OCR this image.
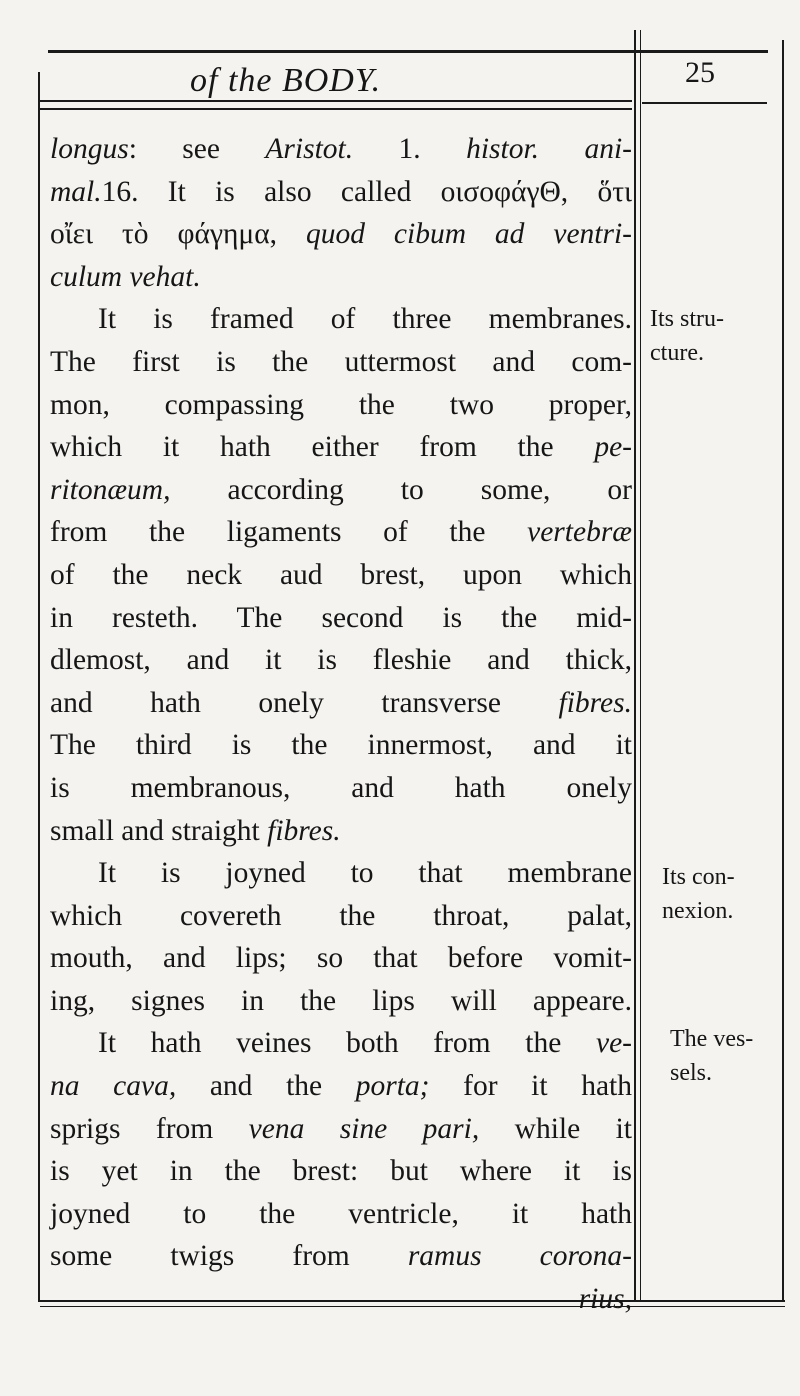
of the BODY.	25
longus: see Aristot. 1. histor. ani-
mal.16. It is also called οισοφάγΘ, ὅτι
οἴει τὸ φάγημα, quod cibum ad ventri-
culum vehat.
It is framed of three membranes.
The first is the uttermost and com-
mon, compassing the two proper,
which it hath either from the pe-
ritonæum, according to some, or
from the ligaments of the vertebræ
of the neck aud brest, upon which
in resteth. The second is the mid-
dlemost, and it is fleshie and thick,
and hath onely transverse fibres.
The third is the innermost, and it
is membranous, and hath onely
small and straight fibres.
It is joyned to that membrane
which covereth the throat, palat,
mouth, and lips; so that before vomit-
ing, signes in the lips will appeare.
It hath veines both from the ve-
na cava, and the porta; for it hath
sprigs from vena sine pari, while it
is yet in the brest: but where it is
joyned to the ventricle, it hath
some twigs from ramus corona-
rius,
Its stru-
cture.
Its con-
nexion.
The ves-
sels.
